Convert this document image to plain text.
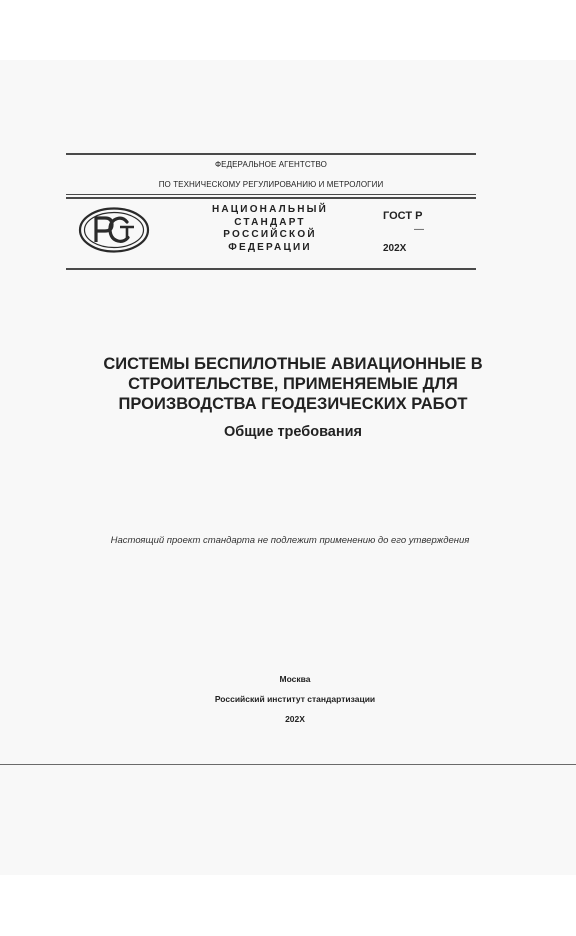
ФЕДЕРАЛЬНОЕ АГЕНТСТВО
ПО ТЕХНИЧЕСКОМУ РЕГУЛИРОВАНИЮ И МЕТРОЛОГИИ
НАЦИОНАЛЬНЫЙ
СТАНДАРТ
РОССИЙСКОЙ
ФЕДЕРАЦИИ
ГОСТ Р
—
202X
СИСТЕМЫ БЕСПИЛОТНЫЕ АВИАЦИОННЫЕ В
СТРОИТЕЛЬСТВЕ, ПРИМЕНЯЕМЫЕ ДЛЯ
ПРОИЗВОДСТВА ГЕОДЕЗИЧЕСКИХ РАБОТ
Общие требования
Настоящий проект стандарта не подлежит применению до его утверждения
Москва
Российский институт стандартизации
202X
